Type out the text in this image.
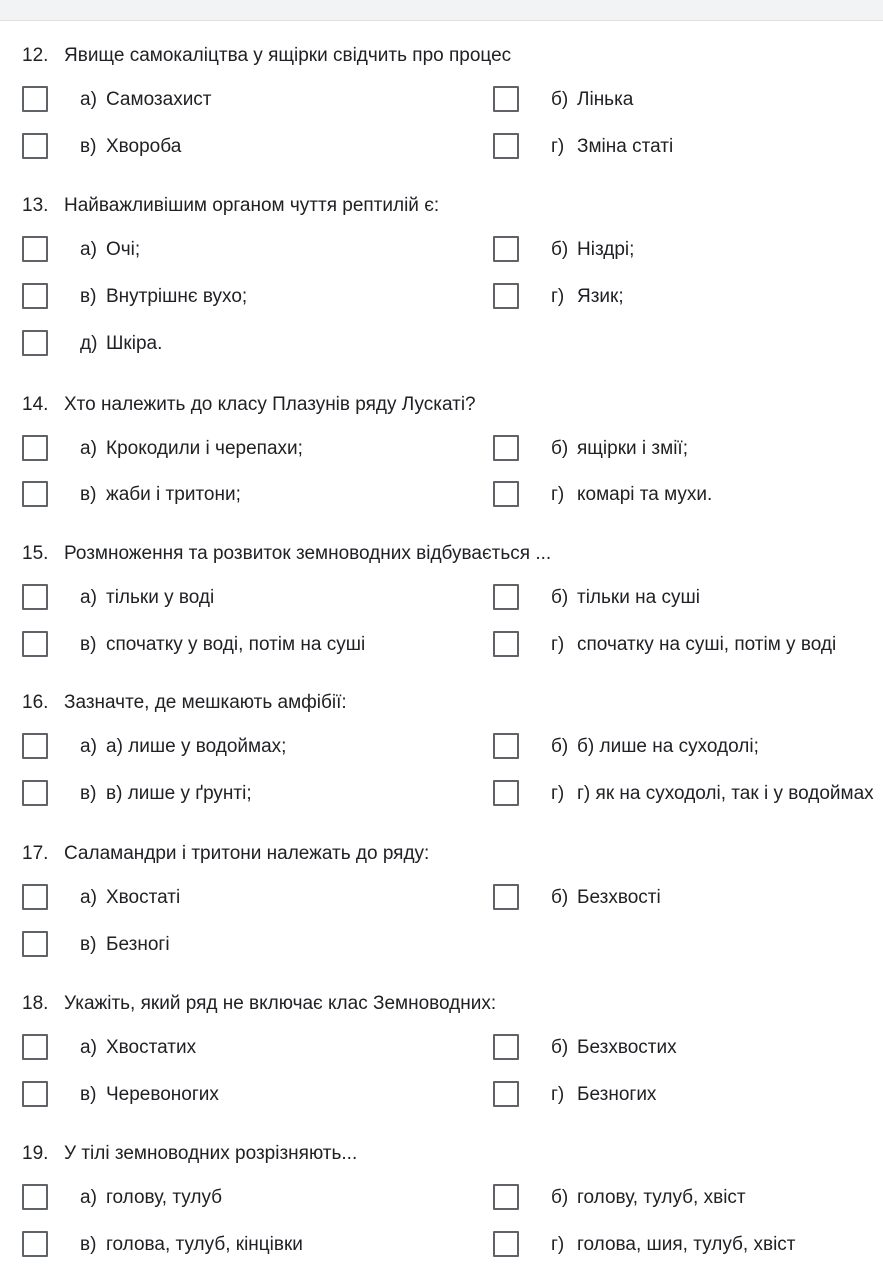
12. Явище самокаліцтва у ящірки свідчить про процес
а) Самозахист	б) Лінька
в) Хвороба	г) Зміна статі
13. Найважливішим органом чуття рептилій є:
а) Очі;	б) Ніздрі;
в) Внутрішнє вухо;	г) Язик;
д) Шкіра.
14. Хто належить до класу Плазунів ряду Лускаті?
а) Крокодили і черепахи;	б) ящірки і змії;
в) жаби і тритони;	г) комарі та мухи.
15. Розмноження та розвиток земноводних відбувається ...
а) тільки у воді	б) тільки на суші
в) спочатку у воді, потім на суші	г) спочатку на суші, потім у воді
16. Зазначте, де мешкають амфібії:
а) а) лише у водоймах;	б) б) лише на суходолі;
в) в) лише у ґрунті;	г) г) як на суходолі, так і у водоймах
17. Саламандри і тритони належать до ряду:
а) Хвостаті	б) Безхвості
в) Безногі
18. Укажіть, який ряд не включає клас Земноводних:
а) Хвостатих	б) Безхвостих
в) Черевоногих	г) Безногих
19. У тілі земноводних розрізняють...
а) голову, тулуб	б) голову, тулуб, хвіст
в) голова, тулуб, кінцівки	г) голова, шия, тулуб, хвіст
